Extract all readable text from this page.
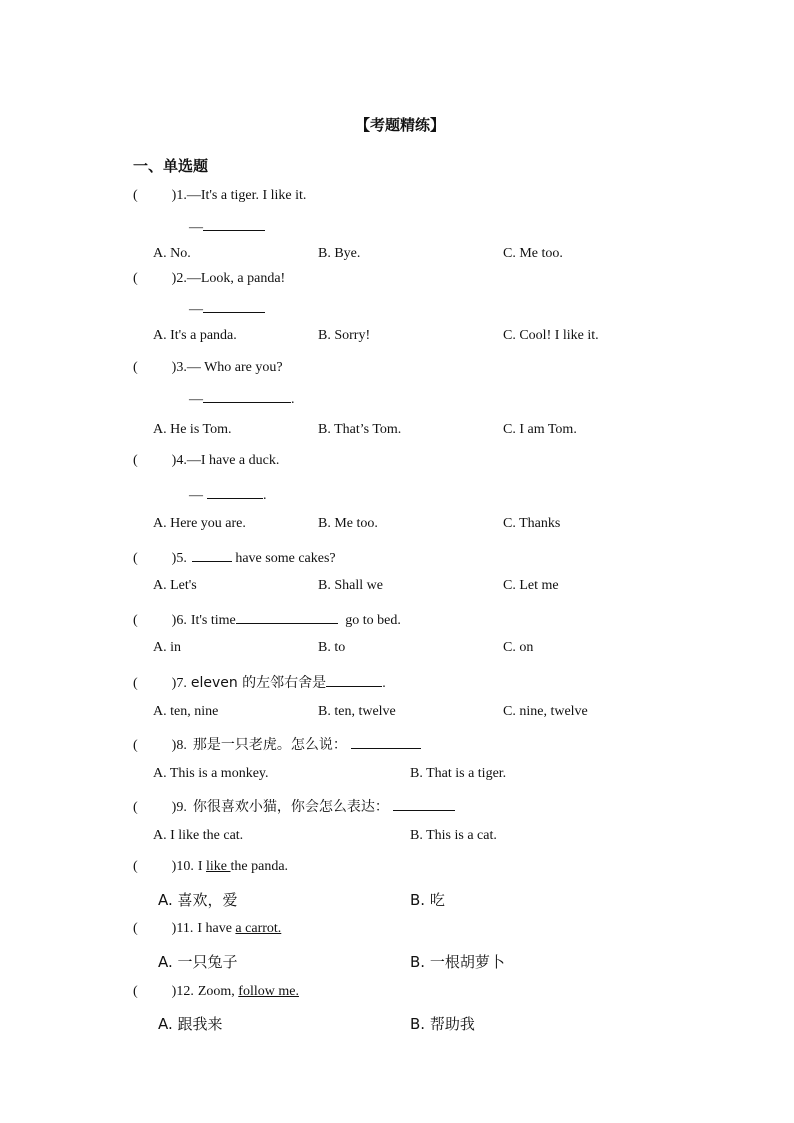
【考题精练】
一、单选题
( )1.—It's a tiger. I like it.
—
A. No.	B. Bye.	C. Me too.
( )2.—Look, a panda!
—
A. It's a panda.	B. Sorry!	C. Cool! I like it.
( )3.— Who are you?
—	.
A. He is Tom.	B. That’s Tom.	C. I am Tom.
( )4.—I have a duck.
—	.
A. Here you are.	B. Me too.	C. Thanks
( )5.	have some cakes?
A. Let's	B. Shall we	C. Let me
( )6. It's time	go to bed.
A. in	B. to	C. on
( )7. eleven 的左邻右舍是	.
A. ten, nine	B. ten, twelve	C. nine, twelve
( )8. 那是一只老虎。怎么说：
A. This is a monkey.	B. That is a tiger.
( )9. 你很喜欢小猫，你会怎么表达：
A. I like the cat.	B. This is a cat.
( )10. I like the panda.
A. 喜欢，爱	B. 吃
( )11. I have a carrot.
A. 一只兔子	B. 一根胡萝卜
( )12. Zoom, follow me.
A. 跟我来	B. 帮助我
